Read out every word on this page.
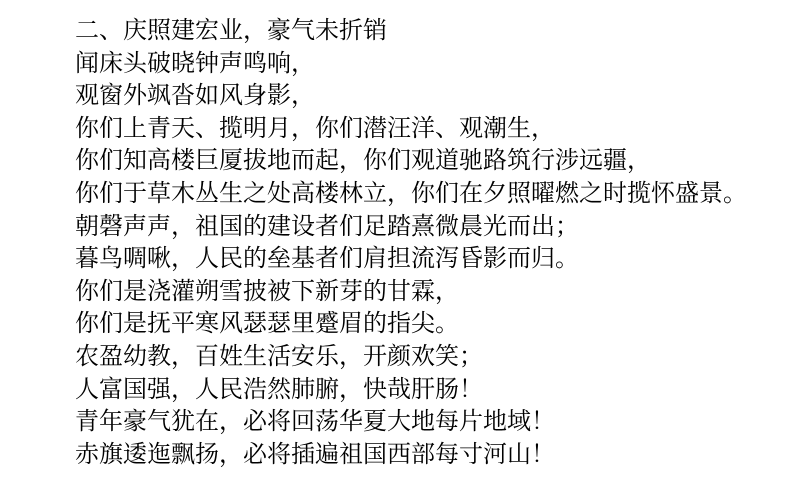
二、庆照建宏业，豪气未折销
闻床头破晓钟声鸣响，
观窗外飒沓如风身影，
你们上青天、揽明月，你们潜汪洋、观潮生，
你们知高楼巨厦拔地而起，你们观道驰路筑行涉远疆，
你们于草木丛生之处高楼林立，你们在夕照曜燃之时揽怀盛景。
朝磬声声，祖国的建设者们足踏熹微晨光而出；
暮鸟啁啾，人民的垒基者们肩担流泻昏影而归。
你们是浇灌朔雪披被下新芽的甘霖，
你们是抚平寒风瑟瑟里蹙眉的指尖。
农盈幼教，百姓生活安乐，开颜欢笑；
人富国强，人民浩然肺腑，快哉肝肠！
青年豪气犹在，必将回荡华夏大地每片地域！
赤旗逶迤飘扬，必将插遍祖国西部每寸河山！
